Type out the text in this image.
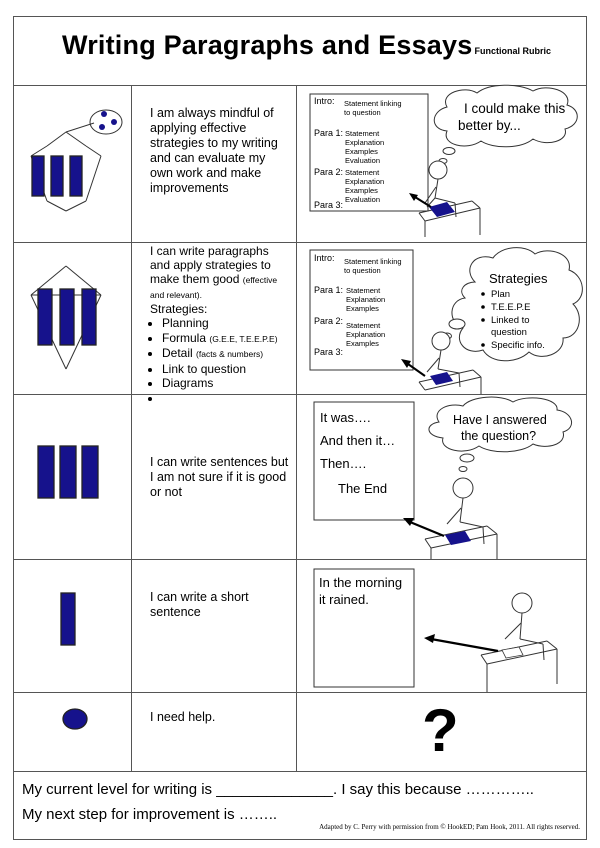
Writing Paragraphs and Essays Functional Rubric
I am always mindful of applying effective strategies to my writing and can evaluate my own work and make improvements
Intro: Statement linking
to question
Para 1: Statement
Explanation
Examples
Evaluation
Para 2: Statement
Explanation
Examples
Evaluation
Para 3:
I could make this
better by...
I can write paragraphs and apply strategies to make them good (effective and relevant).
Strategies:
• Planning
• Formula (G.E.E, T.E.E.P.E)
• Detail (facts & numbers)
• Link to question
• Diagrams
•
Intro: Statement linking
to question
Para 1: Statement
Explanation
Examples
Para 2: Statement
Explanation
Examples
Para 3:
Strategies
Plan
T.E.E.P.E
Linked to
question
Specific info.
I can write sentences but I am not sure if it is good or not
It was….
And then it…
Then….
The End
Have I answered
the question?
I can write a short sentence
In the morning
it rained.
I need help.	?
My current level for writing is ______________. I say this because …………..
My next step for improvement is ……..
Adapted by C. Perry with permission from © HookED; Pam Hook, 2011. All rights reserved.
